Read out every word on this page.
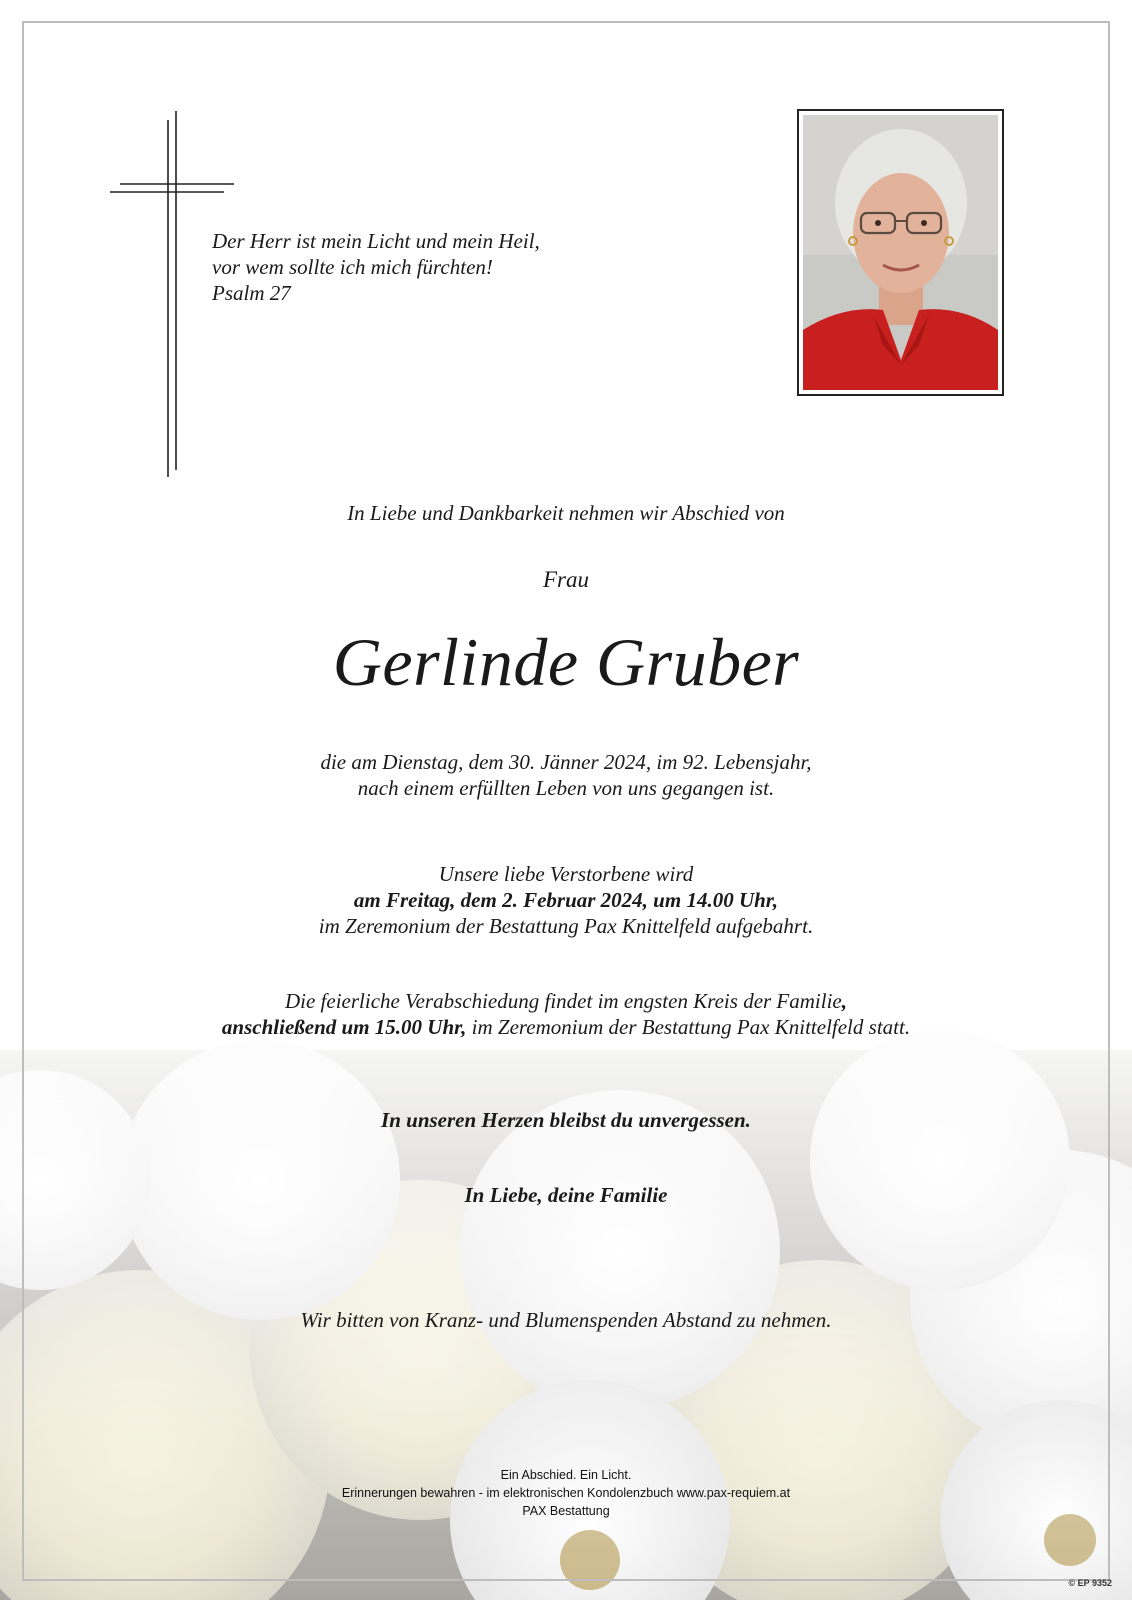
Der Herr ist mein Licht und mein Heil,
vor wem sollte ich mich fürchten!
Psalm 27
In Liebe und Dankbarkeit nehmen wir Abschied von
Frau
Gerlinde Gruber
die am Dienstag, dem 30. Jänner 2024, im 92. Lebensjahr,
nach einem erfüllten Leben von uns gegangen ist.
Unsere liebe Verstorbene wird
am Freitag, dem 2. Februar 2024, um 14.00 Uhr,
im Zeremonium der Bestattung Pax Knittelfeld aufgebahrt.
Die feierliche Verabschiedung findet im engsten Kreis der Familie,
anschließend um 15.00 Uhr, im Zeremonium der Bestattung Pax Knittelfeld statt.
In unseren Herzen bleibst du unvergessen.
In Liebe, deine Familie
Wir bitten von Kranz- und Blumenspenden Abstand zu nehmen.
Ein Abschied. Ein Licht.
Erinnerungen bewahren - im elektronischen Kondolenzbuch www.pax-requiem.at
PAX Bestattung
© EP 9352
